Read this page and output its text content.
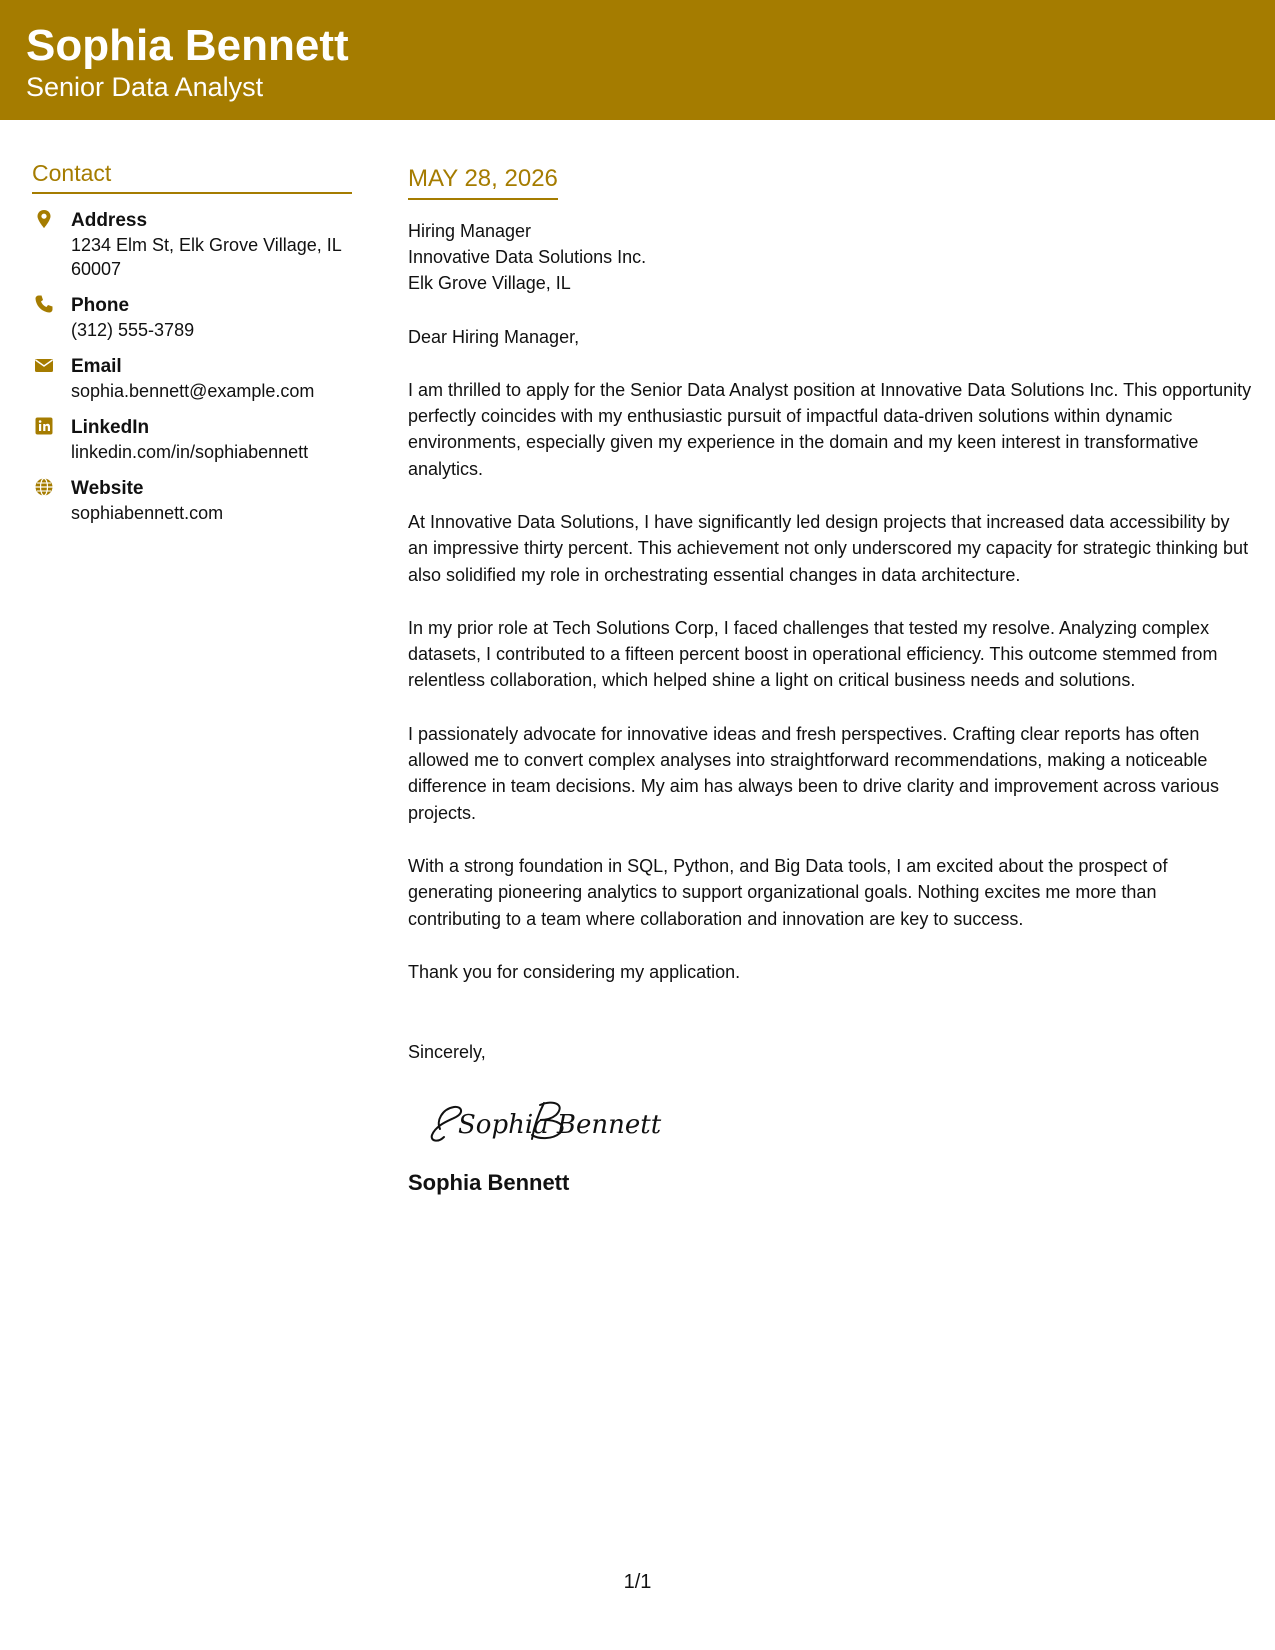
Sophia Bennett
Senior Data Analyst
Contact
Address
1234 Elm St, Elk Grove Village, IL 60007
Phone
(312) 555-3789
Email
sophia.bennett@example.com
LinkedIn
linkedin.com/in/sophiabennett
Website
sophiabennett.com
MAY 28, 2026
Hiring Manager
Innovative Data Solutions Inc.
Elk Grove Village, IL
Dear Hiring Manager,
I am thrilled to apply for the Senior Data Analyst position at Innovative Data Solutions Inc. This opportunity perfectly coincides with my enthusiastic pursuit of impactful data-driven solutions within dynamic environments, especially given my experience in the domain and my keen interest in transformative analytics.
At Innovative Data Solutions, I have significantly led design projects that increased data accessibility by an impressive thirty percent. This achievement not only underscored my capacity for strategic thinking but also solidified my role in orchestrating essential changes in data architecture.
In my prior role at Tech Solutions Corp, I faced challenges that tested my resolve. Analyzing complex datasets, I contributed to a fifteen percent boost in operational efficiency. This outcome stemmed from relentless collaboration, which helped shine a light on critical business needs and solutions.
I passionately advocate for innovative ideas and fresh perspectives. Crafting clear reports has often allowed me to convert complex analyses into straightforward recommendations, making a noticeable difference in team decisions. My aim has always been to drive clarity and improvement across various projects.
With a strong foundation in SQL, Python, and Big Data tools, I am excited about the prospect of generating pioneering analytics to support organizational goals. Nothing excites me more than contributing to a team where collaboration and innovation are key to success.
Thank you for considering my application.
Sincerely,
Sophia Bennett
Sophia Bennett
1/1
